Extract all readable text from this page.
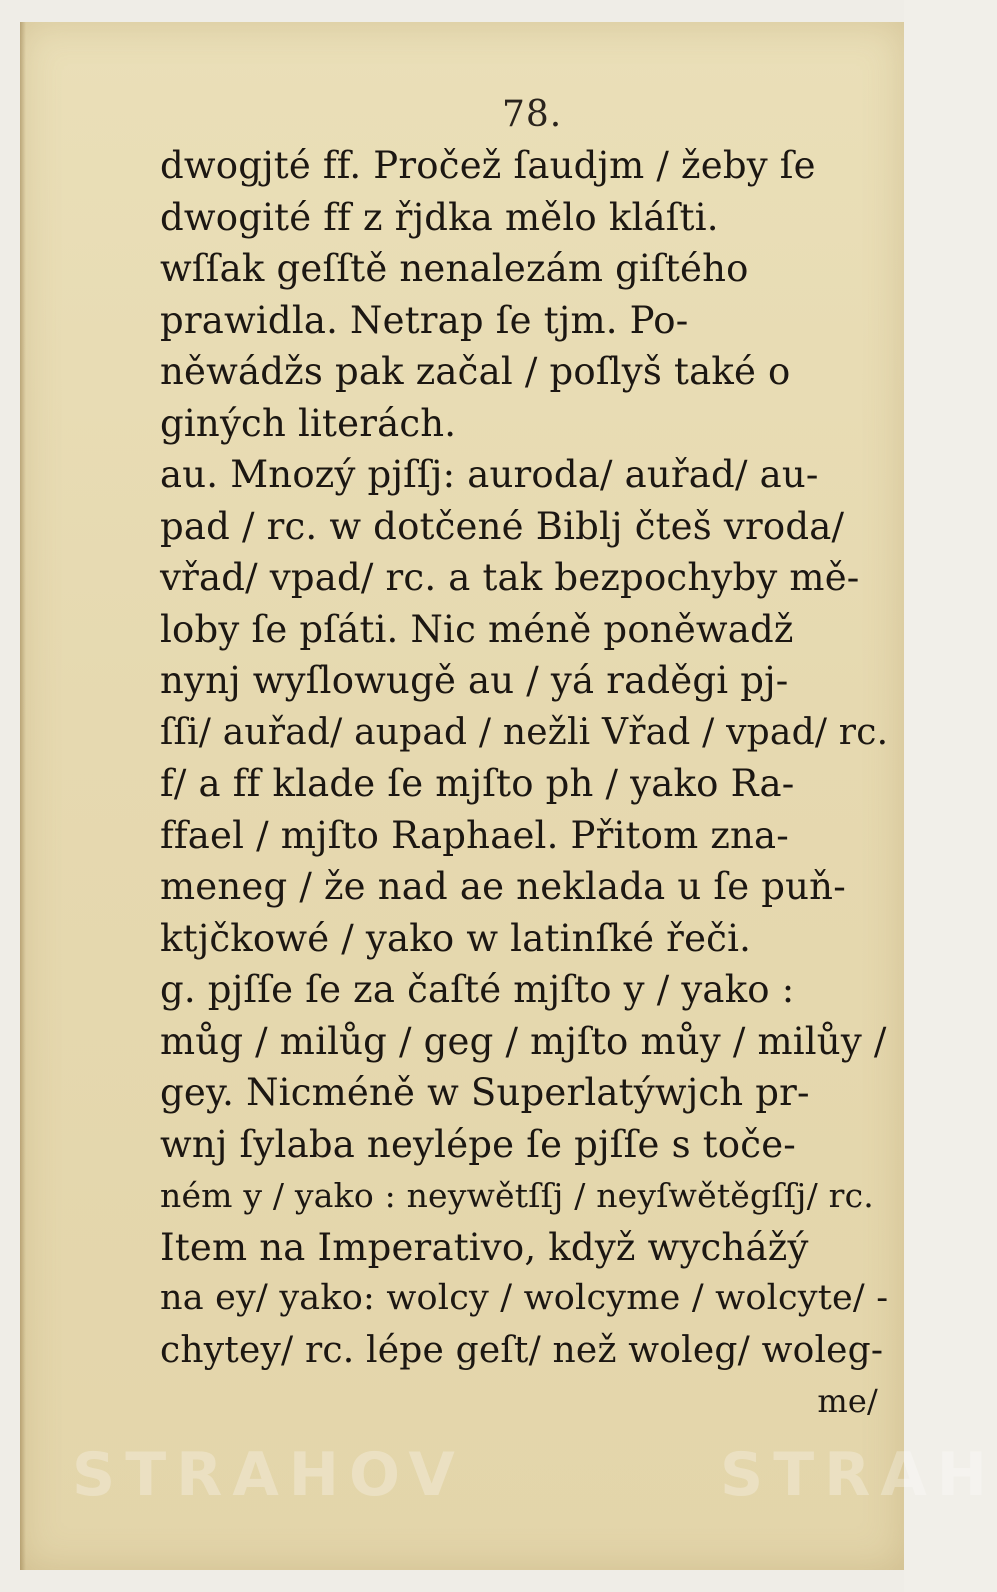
78.
dwogjté ff. Pročež ſaudjm / žeby ſe
dwogité ff z řjdka mělo kláſti.
wſſak geſſtě nenalezám giſtého
prawidla. Netrap ſe tjm. Po-
něwádžs pak začal / poſlyš také o
giných literách.
au. Mnozý pjſſj: auroda/ auřad/ au-
pad / rc. w dotčené Biblj čteš vroda/
vřad/ vpad/ rc. a tak bezpochyby mě-
loby ſe pſáti. Nic méně poněwadž
nynj wyſlowugě au / yá raděgi pj-
ſſi/ auřad/ aupad / nežli Vřad / vpad/ rc.
f/ a ff klade ſe mjſto ph / yako Ra-
ffael / mjſto Raphael. Přitom zna-
meneg / že nad ae neklada u ſe puň-
ktjčkowé / yako w latinſké řeči.
g. pjſſe ſe za čaſté mjſto y / yako :
můg / milůg / geg / mjſto můy / milůy /
gey. Nicméně w Superlatýwjch pr-
wnj ſylaba neylépe ſe pjſſe s toče-
ném y / yako : neywětſſj / neyſwětěgſſj/ rc.
Item na Imperativo, když wychážý
na ey/ yako: wolcy / wolcyme / wolcyte/ -
chytey/ rc. lépe geſt/ než woleg/ woleg-
me/
STRAHOV	STRAH
